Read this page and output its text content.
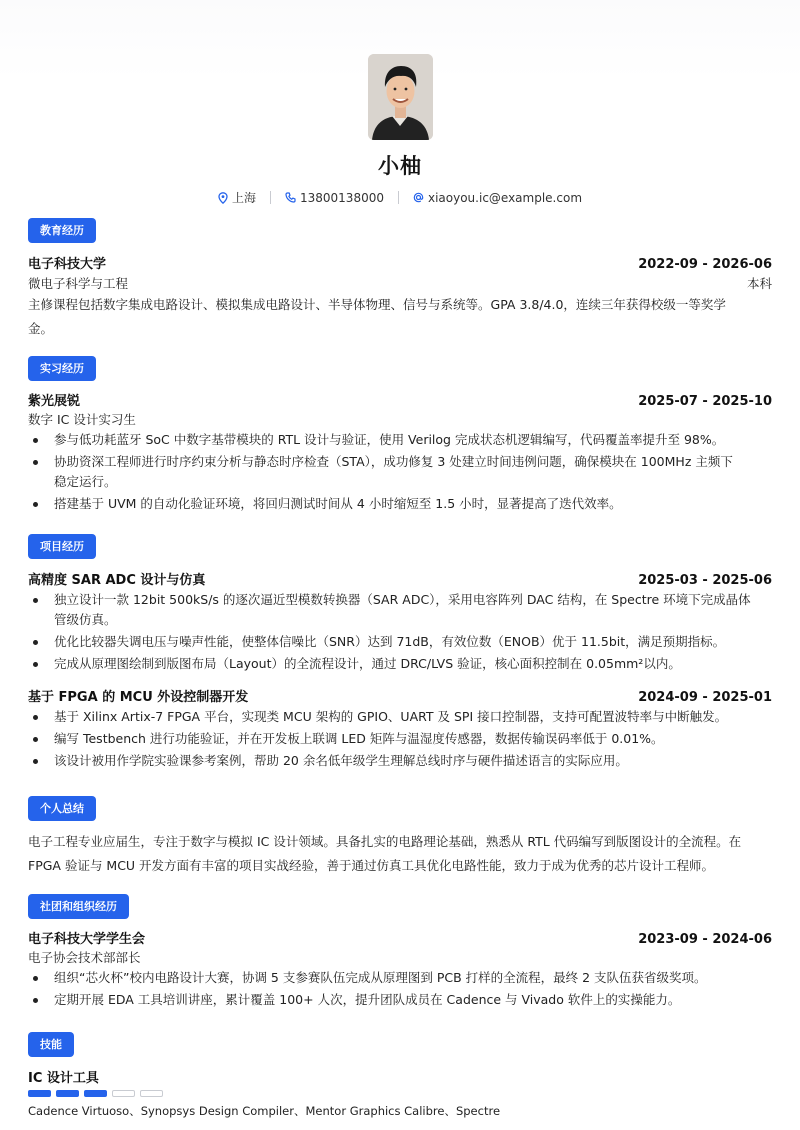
小柚
上海	13800138000	xiaoyou.ic@example.com
教育经历
电子科技大学	2022-09 - 2026-06
微电子科学与工程	本科
主修课程包括数字集成电路设计、模拟集成电路设计、半导体物理、信号与系统等。GPA 3.8/4.0，连续三年获得校级一等奖学
金。
实习经历
紫光展锐	2025-07 - 2025-10
数字 IC 设计实习生
参与低功耗蓝牙 SoC 中数字基带模块的 RTL 设计与验证，使用 Verilog 完成状态机逻辑编写，代码覆盖率提升至 98%。
协助资深工程师进行时序约束分析与静态时序检查（STA），成功修复 3 处建立时间违例问题，确保模块在 100MHz 主频下
稳定运行。
搭建基于 UVM 的自动化验证环境，将回归测试时间从 4 小时缩短至 1.5 小时，显著提高了迭代效率。
项目经历
高精度 SAR ADC 设计与仿真	2025-03 - 2025-06
独立设计一款 12bit 500kS/s 的逐次逼近型模数转换器（SAR ADC），采用电容阵列 DAC 结构，在 Spectre 环境下完成晶体
管级仿真。
优化比较器失调电压与噪声性能，使整体信噪比（SNR）达到 71dB，有效位数（ENOB）优于 11.5bit，满足预期指标。
完成从原理图绘制到版图布局（Layout）的全流程设计，通过 DRC/LVS 验证，核心面积控制在 0.05mm²以内。
基于 FPGA 的 MCU 外设控制器开发	2024-09 - 2025-01
基于 Xilinx Artix-7 FPGA 平台，实现类 MCU 架构的 GPIO、UART 及 SPI 接口控制器，支持可配置波特率与中断触发。
编写 Testbench 进行功能验证，并在开发板上联调 LED 矩阵与温湿度传感器，数据传输误码率低于 0.01%。
该设计被用作学院实验课参考案例，帮助 20 余名低年级学生理解总线时序与硬件描述语言的实际应用。
个人总结
电子工程专业应届生，专注于数字与模拟 IC 设计领域。具备扎实的电路理论基础，熟悉从 RTL 代码编写到版图设计的全流程。在
FPGA 验证与 MCU 开发方面有丰富的项目实战经验，善于通过仿真工具优化电路性能，致力于成为优秀的芯片设计工程师。
社团和组织经历
电子科技大学学生会	2023-09 - 2024-06
电子协会技术部部长
组织“芯火杯”校内电路设计大赛，协调 5 支参赛队伍完成从原理图到 PCB 打样的全流程，最终 2 支队伍获省级奖项。
定期开展 EDA 工具培训讲座，累计覆盖 100+ 人次，提升团队成员在 Cadence 与 Vivado 软件上的实操能力。
技能
IC 设计工具
Cadence Virtuoso、Synopsys Design Compiler、Mentor Graphics Calibre、Spectre
